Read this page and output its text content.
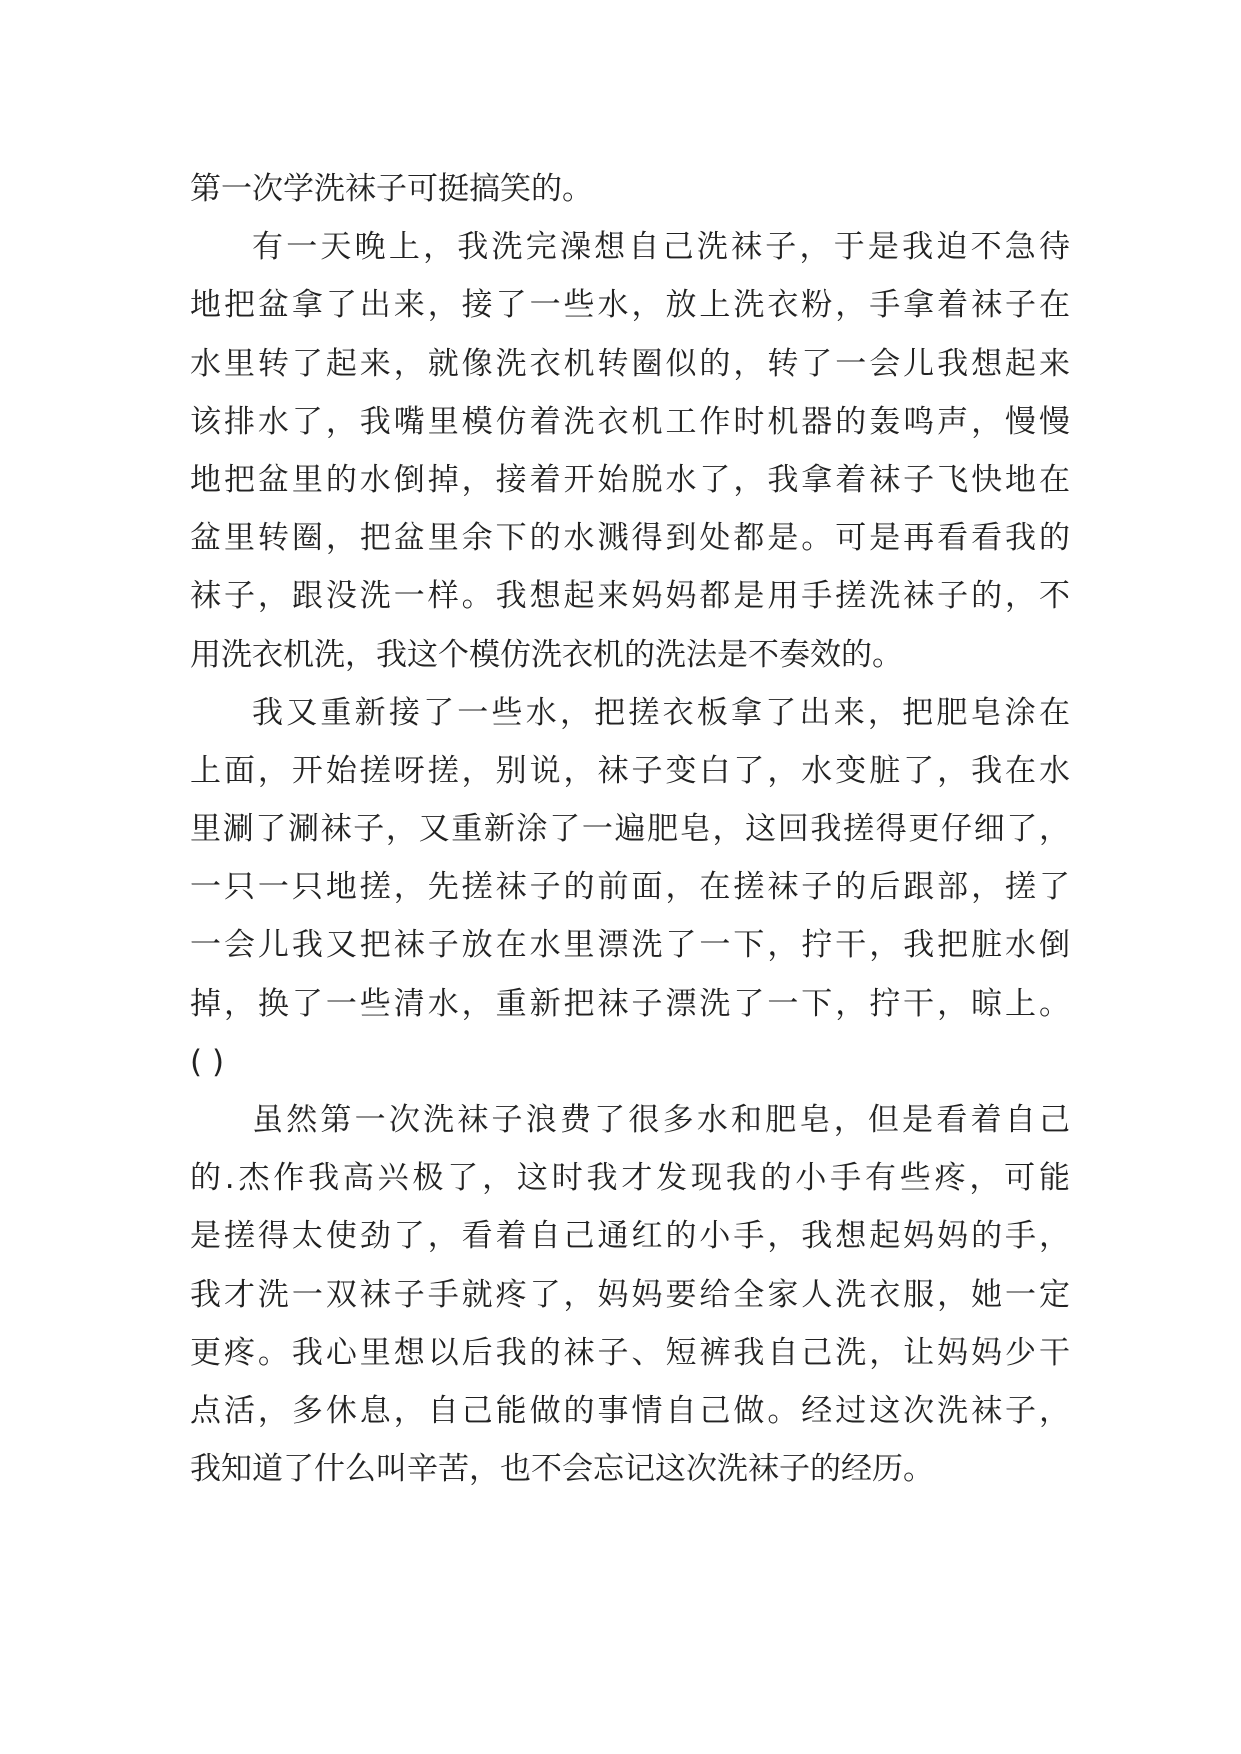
第一次学洗袜子可挺搞笑的。
有一天晚上，我洗完澡想自己洗袜子，于是我迫不急待
地把盆拿了出来，接了一些水，放上洗衣粉，手拿着袜子在
水里转了起来，就像洗衣机转圈似的，转了一会儿我想起来
该排水了，我嘴里模仿着洗衣机工作时机器的轰鸣声，慢慢
地把盆里的水倒掉，接着开始脱水了，我拿着袜子飞快地在
盆里转圈，把盆里余下的水溅得到处都是。可是再看看我的
袜子，跟没洗一样。我想起来妈妈都是用手搓洗袜子的，不
用洗衣机洗，我这个模仿洗衣机的洗法是不奏效的。
我又重新接了一些水，把搓衣板拿了出来，把肥皂涂在
上面，开始搓呀搓，别说，袜子变白了，水变脏了，我在水
里涮了涮袜子，又重新涂了一遍肥皂，这回我搓得更仔细了，
一只一只地搓，先搓袜子的前面，在搓袜子的后跟部，搓了
一会儿我又把袜子放在水里漂洗了一下，拧干，我把脏水倒
掉，换了一些清水，重新把袜子漂洗了一下，拧干，晾上。
( )
虽然第一次洗袜子浪费了很多水和肥皂，但是看着自己
的.杰作我高兴极了，这时我才发现我的小手有些疼，可能
是搓得太使劲了，看着自己通红的小手，我想起妈妈的手，
我才洗一双袜子手就疼了，妈妈要给全家人洗衣服，她一定
更疼。我心里想以后我的袜子、短裤我自己洗，让妈妈少干
点活，多休息，自己能做的事情自己做。经过这次洗袜子，
我知道了什么叫辛苦，也不会忘记这次洗袜子的经历。
